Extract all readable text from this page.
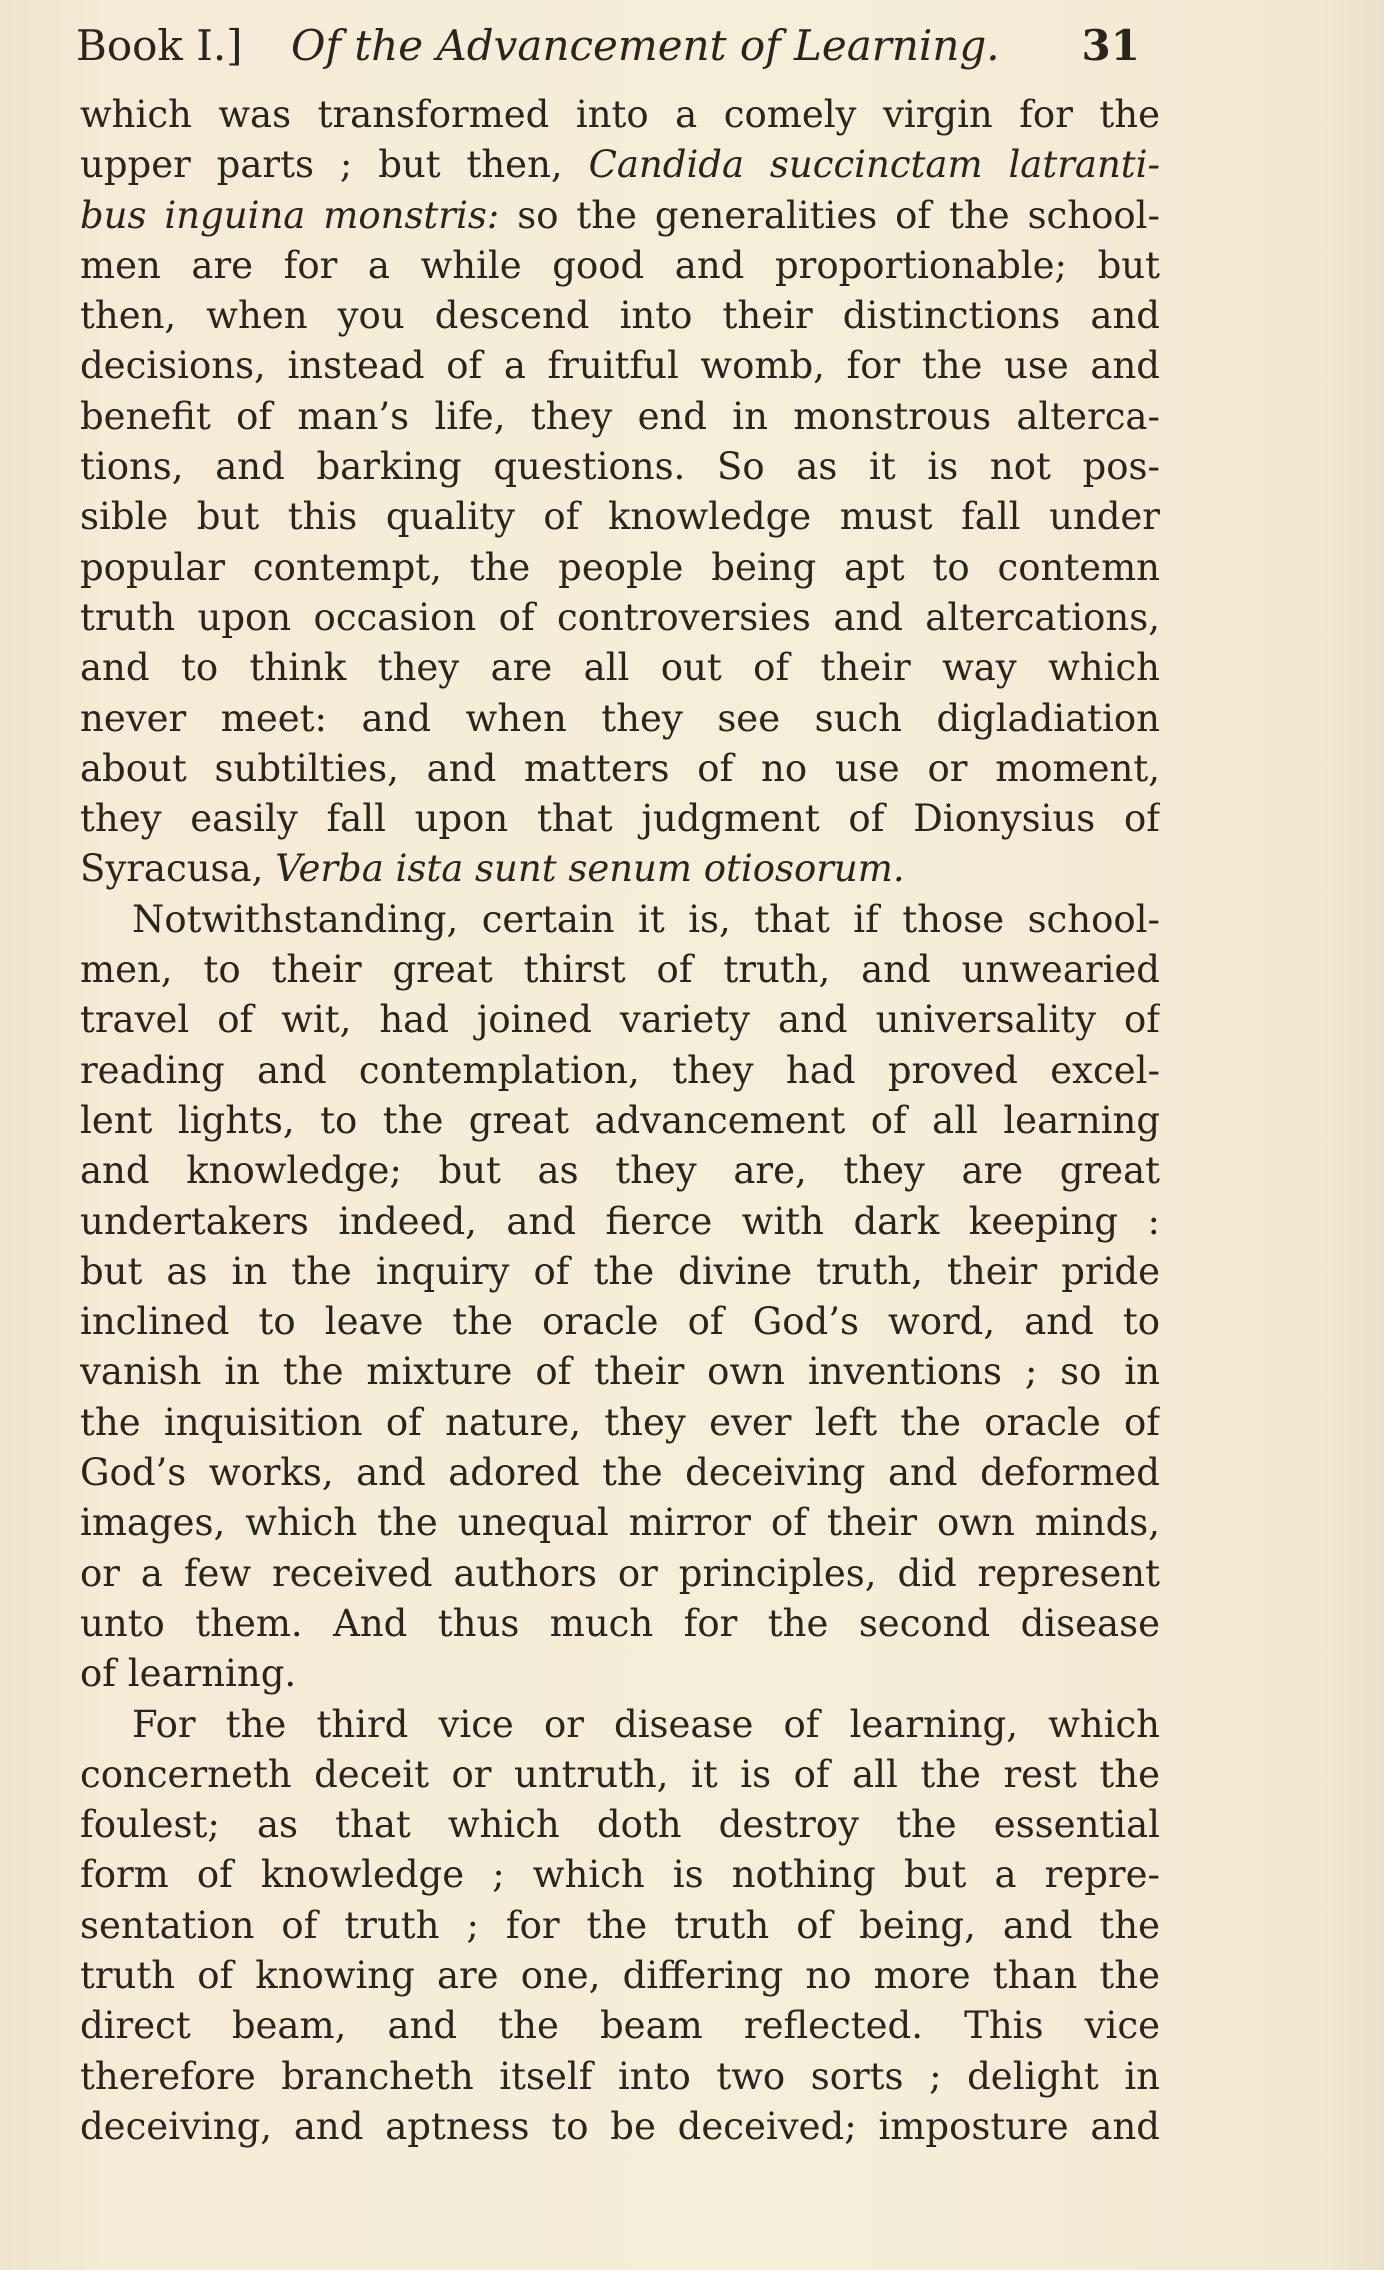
Book I.] Of the Advancement of Learning. 31
which was transformed into a comely virgin for the
upper parts ; but then, Candida succinctam latranti-
bus inguina monstris: so the generalities of the school-
men are for a while good and proportionable; but
then, when you descend into their distinctions and
decisions, instead of a fruitful womb, for the use and
benefit of man’s life, they end in monstrous alterca-
tions, and barking questions. So as it is not pos-
sible but this quality of knowledge must fall under
popular contempt, the people being apt to contemn
truth upon occasion of controversies and altercations,
and to think they are all out of their way which
never meet: and when they see such digladiation
about subtilties, and matters of no use or moment,
they easily fall upon that judgment of Dionysius of
Syracusa, Verba ista sunt senum otiosorum.
Notwithstanding, certain it is, that if those school-
men, to their great thirst of truth, and unwearied
travel of wit, had joined variety and universality of
reading and contemplation, they had proved excel-
lent lights, to the great advancement of all learning
and knowledge; but as they are, they are great
undertakers indeed, and fierce with dark keeping :
but as in the inquiry of the divine truth, their pride
inclined to leave the oracle of God’s word, and to
vanish in the mixture of their own inventions ; so in
the inquisition of nature, they ever left the oracle of
God’s works, and adored the deceiving and deformed
images, which the unequal mirror of their own minds,
or a few received authors or principles, did represent
unto them. And thus much for the second disease
of learning.
For the third vice or disease of learning, which
concerneth deceit or untruth, it is of all the rest the
foulest; as that which doth destroy the essential
form of knowledge ; which is nothing but a repre-
sentation of truth ; for the truth of being, and the
truth of knowing are one, differing no more than the
direct beam, and the beam reflected. This vice
therefore brancheth itself into two sorts ; delight in
deceiving, and aptness to be deceived; imposture and
